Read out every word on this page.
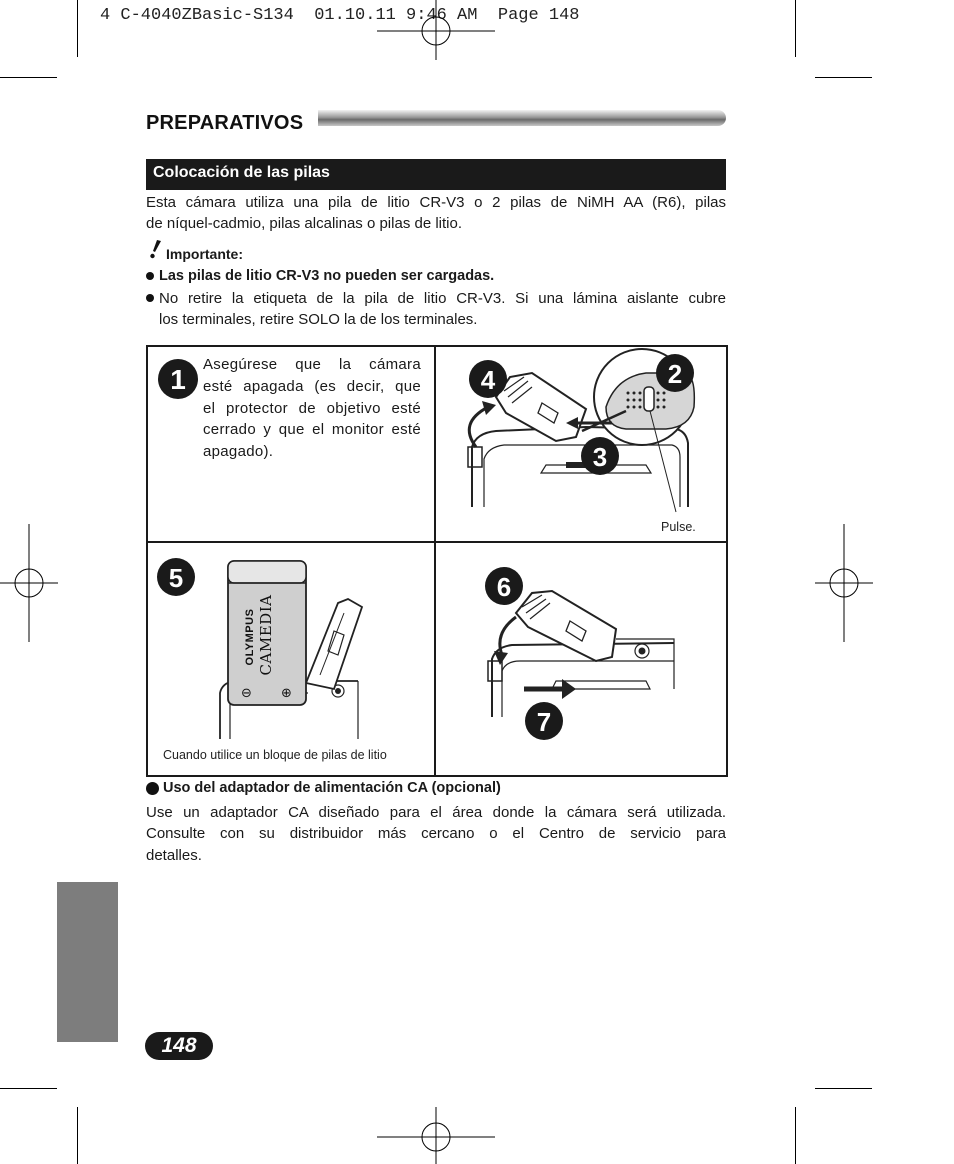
4 C-4040ZBasic-S134  01.10.11 9:46 AM  Page 148
PREPARATIVOS
Colocación de las pilas
Esta cámara utiliza una pila de litio CR-V3 o 2 pilas de NiMH AA (R6), pilas
de níquel-cadmio, pilas alcalinas o pilas de litio.
Importante:
Las pilas de litio CR-V3 no pueden ser cargadas.
No retire la etiqueta de la pila de litio CR-V3. Si una lámina aislante cubre
los terminales, retire SOLO la de los terminales.
1 Asegúrese que la cámara
esté apagada (es decir, que
el protector de objetivo esté
cerrado y que el monitor esté
apagado).
4	2
3
Pulse.
OLYMPUS CAMEDIA
⊖ ⊕
5
Cuando utilice un bloque de pilas de litio
6
7
Uso del adaptador de alimentación CA (opcional)
Use un adaptador CA diseñado para el área donde la cámara será utilizada.
Consulte con su distribuidor más cercano o el Centro de servicio para
detalles.
148
